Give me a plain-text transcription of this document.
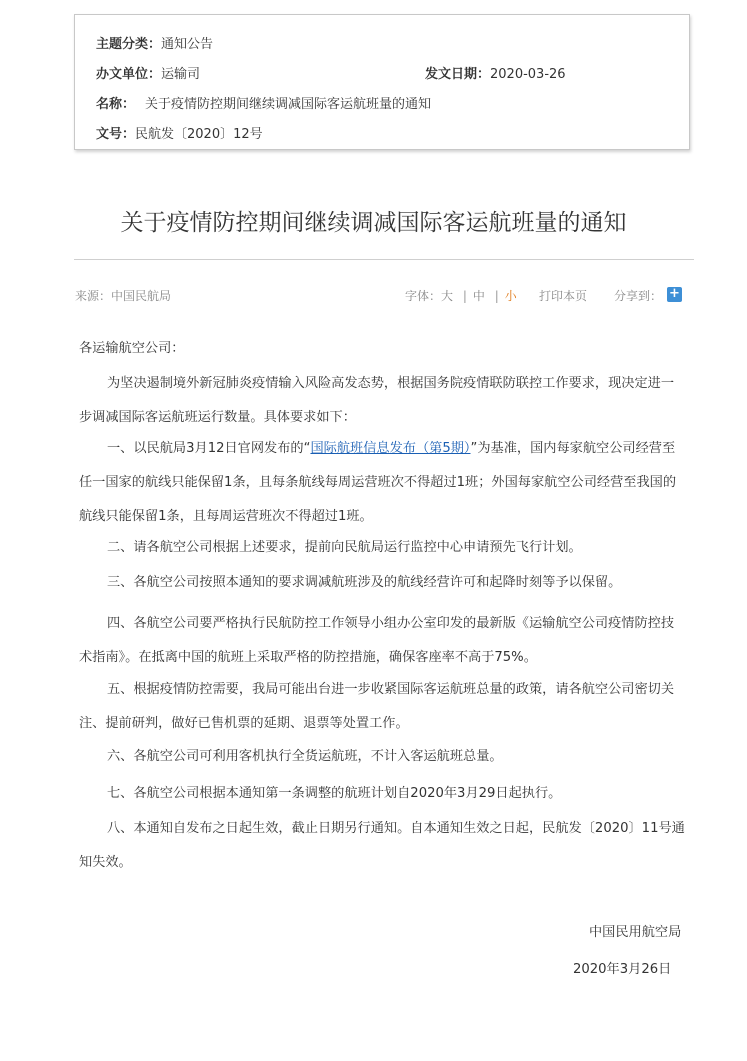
主题分类：通知公告
办文单位：运输司	发文日期：2020-03-26
名称： 关于疫情防控期间继续调减国际客运航班量的通知
文号：民航发〔2020〕12号
关于疫情防控期间继续调减国际客运航班量的通知
来源：中国民航局	字体：大 | 中 | 小 打印本页 分享到： +

各运输航空公司：

为坚决遏制境外新冠肺炎疫情输入风险高发态势，根据国务院疫情联防联控工作要求，现决定进一步调减国际客运航班运行数量。具体要求如下：

一、以民航局3月12日官网发布的“国际航班信息发布（第5期）”为基准，国内每家航空公司经营至任一国家的航线只能保留1条，且每条航线每周运营班次不得超过1班；外国每家航空公司经营至我国的航线只能保留1条，且每周运营班次不得超过1班。

二、请各航空公司根据上述要求，提前向民航局运行监控中心申请预先飞行计划。

三、各航空公司按照本通知的要求调减航班涉及的航线经营许可和起降时刻等予以保留。

四、各航空公司要严格执行民航防控工作领导小组办公室印发的最新版《运输航空公司疫情防控技术指南》。在抵离中国的航班上采取严格的防控措施，确保客座率不高于75%。

五、根据疫情防控需要，我局可能出台进一步收紧国际客运航班总量的政策，请各航空公司密切关注、提前研判，做好已售机票的延期、退票等处置工作。

六、各航空公司可利用客机执行全货运航班，不计入客运航班总量。

七、各航空公司根据本通知第一条调整的航班计划自2020年3月29日起执行。

八、本通知自发布之日起生效，截止日期另行通知。自本通知生效之日起，民航发〔2020〕11号通知失效。

中国民用航空局
2020年3月26日
